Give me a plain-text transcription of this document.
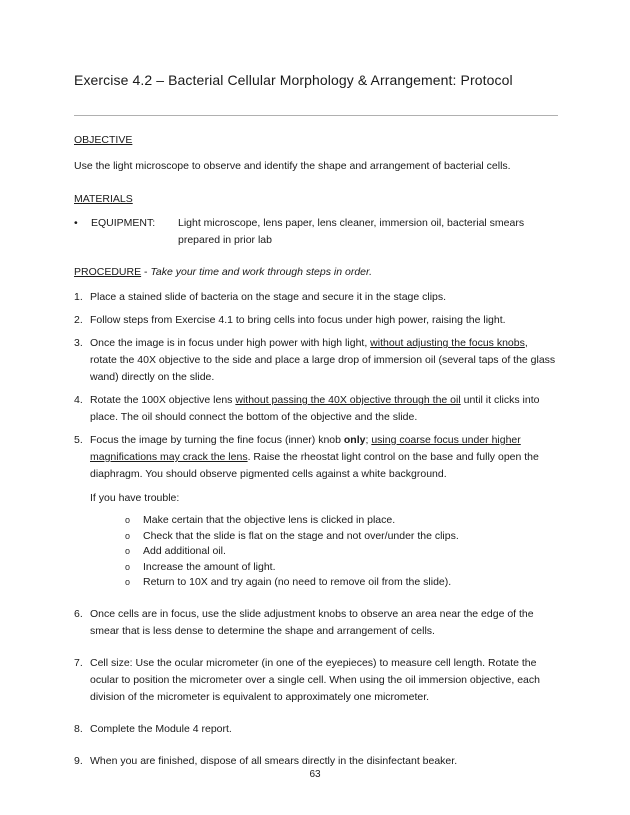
Exercise 4.2 – Bacterial Cellular Morphology & Arrangement: Protocol
OBJECTIVE
Use the light microscope to observe and identify the shape and arrangement of bacterial cells.
MATERIALS
•	EQUIPMENT:	Light microscope, lens paper, lens cleaner, immersion oil, bacterial smears prepared in prior lab
PROCEDURE - Take your time and work through steps in order.
1. Place a stained slide of bacteria on the stage and secure it in the stage clips.
2. Follow steps from Exercise 4.1 to bring cells into focus under high power, raising the light.
3. Once the image is in focus under high power with high light, without adjusting the focus knobs, rotate the 40X objective to the side and place a large drop of immersion oil (several taps of the glass wand) directly on the slide.
4. Rotate the 100X objective lens without passing the 40X objective through the oil until it clicks into place. The oil should connect the bottom of the objective and the slide.
5. Focus the image by turning the fine focus (inner) knob only; using coarse focus under higher magnifications may crack the lens. Raise the rheostat light control on the base and fully open the diaphragm. You should observe pigmented cells against a white background.
If you have trouble:
o	Make certain that the objective lens is clicked in place.
o	Check that the slide is flat on the stage and not over/under the clips.
o	Add additional oil.
o	Increase the amount of light.
o	Return to 10X and try again (no need to remove oil from the slide).
6. Once cells are in focus, use the slide adjustment knobs to observe an area near the edge of the smear that is less dense to determine the shape and arrangement of cells.
7. Cell size: Use the ocular micrometer (in one of the eyepieces) to measure cell length. Rotate the ocular to position the micrometer over a single cell. When using the oil immersion objective, each division of the micrometer is equivalent to approximately one micrometer.
8. Complete the Module 4 report.
9. When you are finished, dispose of all smears directly in the disinfectant beaker.
63
